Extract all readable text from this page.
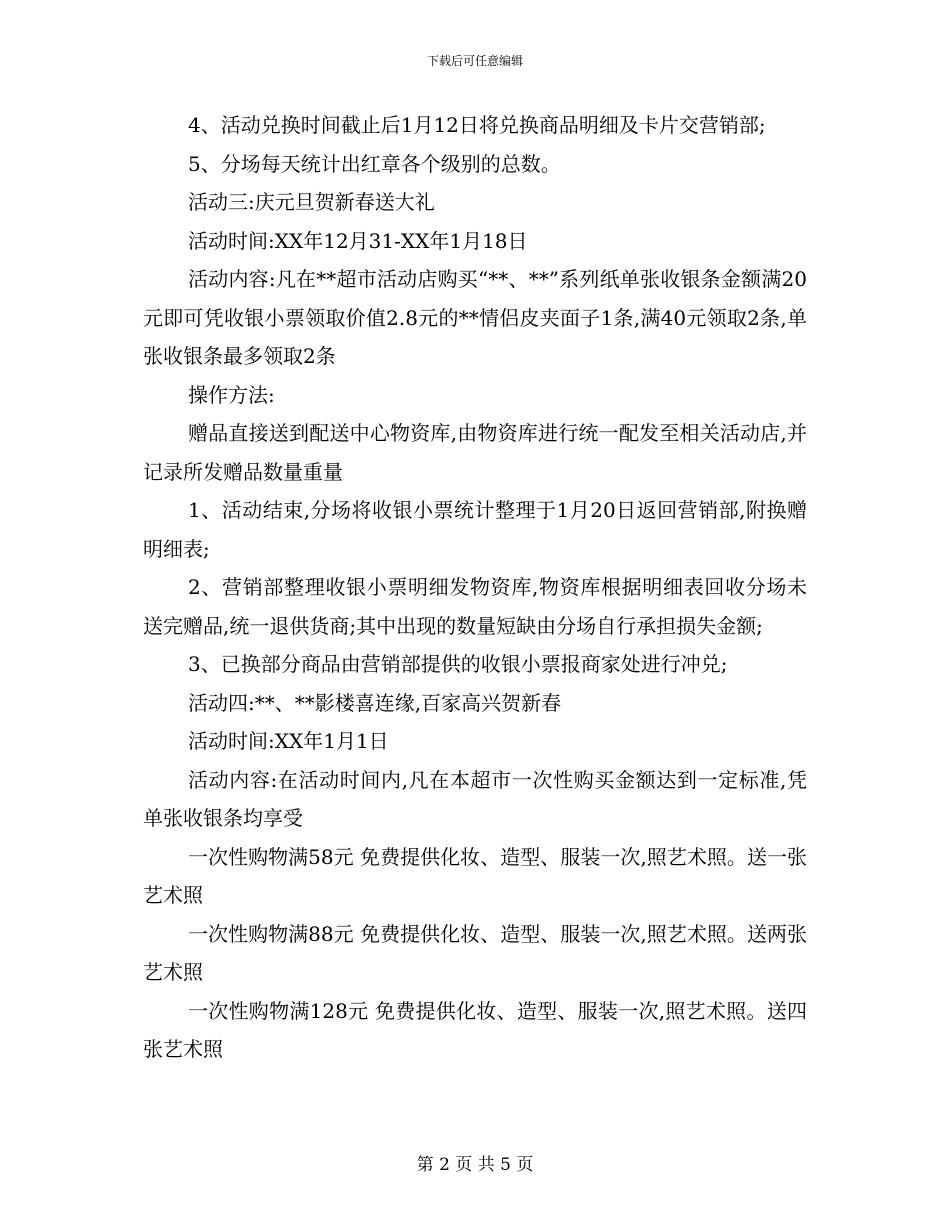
下载后可任意编辑

4、活动兑换时间截止后1月12日将兑换商品明细及卡片交营销部;

5、分场每天统计出红章各个级别的总数。

活动三:庆元旦贺新春送大礼

活动时间:XX年12月31-XX年1月18日

活动内容:凡在**超市活动店购买“**、**”系列纸单张收银条金额满20元即可凭收银小票领取价值2.8元的**情侣皮夹面子1条,满40元领取2条,单张收银条最多领取2条

操作方法:

赠品直接送到配送中心物资库,由物资库进行统一配发至相关活动店,并记录所发赠品数量重量

1、活动结束,分场将收银小票统计整理于1月20日返回营销部,附换赠明细表;

2、营销部整理收银小票明细发物资库,物资库根据明细表回收分场未送完赠品,统一退供货商;其中出现的数量短缺由分场自行承担损失金额;

3、已换部分商品由营销部提供的收银小票报商家处进行冲兑;

活动四:**、**影楼喜连缘,百家高兴贺新春

活动时间:XX年1月1日

活动内容:在活动时间内,凡在本超市一次性购买金额达到一定标准,凭单张收银条均享受

一次性购物满58元 免费提供化妆、造型、服装一次,照艺术照。送一张艺术照

一次性购物满88元 免费提供化妆、造型、服装一次,照艺术照。送两张艺术照

一次性购物满128元 免费提供化妆、造型、服装一次,照艺术照。送四张艺术照

第 2 页 共 5 页
